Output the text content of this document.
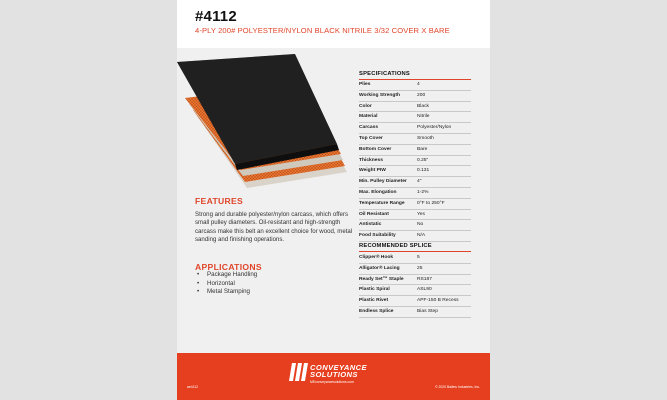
#4112
4-PLY 200# POLYESTER/NYLON BLACK NITRILE 3/32 COVER X BARE
FEATURES
Strong and durable polyester/nylon carcass, which offers small pulley diameters. Oil-resistant and high-strength carcass make this belt an excellent choice for wood, metal sanding and finishing operations.
APPLICATIONS
• Package Handling
• Horizontal
• Metal Stamping
SPECIFICATIONS
Plies	4
Working Strength	200
Color	Black
Material	Nitrile
Carcass	Polyester/Nylon
Top Cover	Smooth
Bottom Cover	Bare
Thickness	0.25"
Weight PIW	0.131
Min. Pulley Diameter	4"
Max. Elongation	1-2%
Temperature Range	0°F to 250°F
Oil Resistant	Yes
Antistatic	No
Food Suitability	N/A
RECOMMENDED SPLICE
Clipper® Hook	5
Alligator® Lacing	25
Ready Set™ Staple	RS187
Plastic Spiral	ASL90
Plastic Rivet	APF-150 B Recess
Endless Splice	Bias Step
CONVEYANCE
SOLUTIONS
MEconveyancesolutions.com
ae4112	© 2020 Ballew Industries, Inc.
